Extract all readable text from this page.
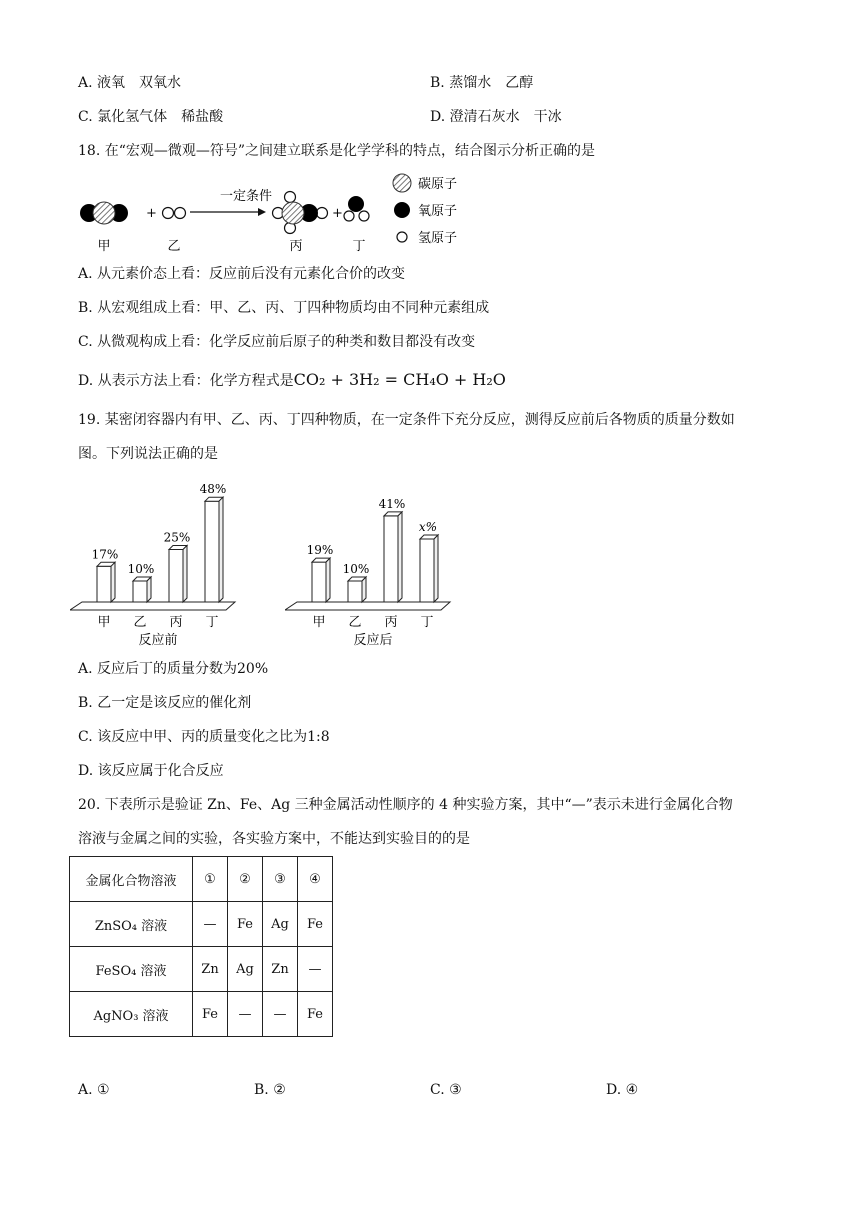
A. 液氧　双氧水	B. 蒸馏水　乙醇
C. 氯化氢气体　稀盐酸	D. 澄清石灰水　干冰
18. 在“宏观—微观—符号”之间建立联系是化学学科的特点，结合图示分析正确的是
+
一定条件
+
甲	乙	丙	丁
碳原子
氧原子
氢原子
A. 从元素价态上看：反应前后没有元素化合价的改变
B. 从宏观组成上看：甲、乙、丙、丁四种物质均由不同种元素组成
C. 从微观构成上看：化学反应前后原子的种类和数目都没有改变
D. 从表示方法上看：化学方程式是CO₂ + 3H₂ = CH₄O + H₂O
19. 某密闭容器内有甲、乙、丙、丁四种物质，在一定条件下充分反应，测得反应前后各物质的质量分数如
图。下列说法正确的是
17%
甲
10%
乙
25%
丙
48%
丁
反应前
19%
甲
10%
乙
41%
丙
x%
丁
反应后
A. 反应后丁的质量分数为20%
B. 乙一定是该反应的催化剂
C. 该反应中甲、丙的质量变化之比为1:8
D. 该反应属于化合反应
20. 下表所示是验证 Zn、Fe、Ag 三种金属活动性顺序的 4 种实验方案，其中“—”表示未进行金属化合物
溶液与金属之间的实验，各实验方案中，不能达到实验目的的是
金属化合物溶液	①	②	③	④
ZnSO₄ 溶液	—	Fe	Ag	Fe
FeSO₄ 溶液	Zn	Ag	Zn	—
AgNO₃ 溶液	Fe	—	—	Fe
A. ①	B. ②	C. ③	D. ④
